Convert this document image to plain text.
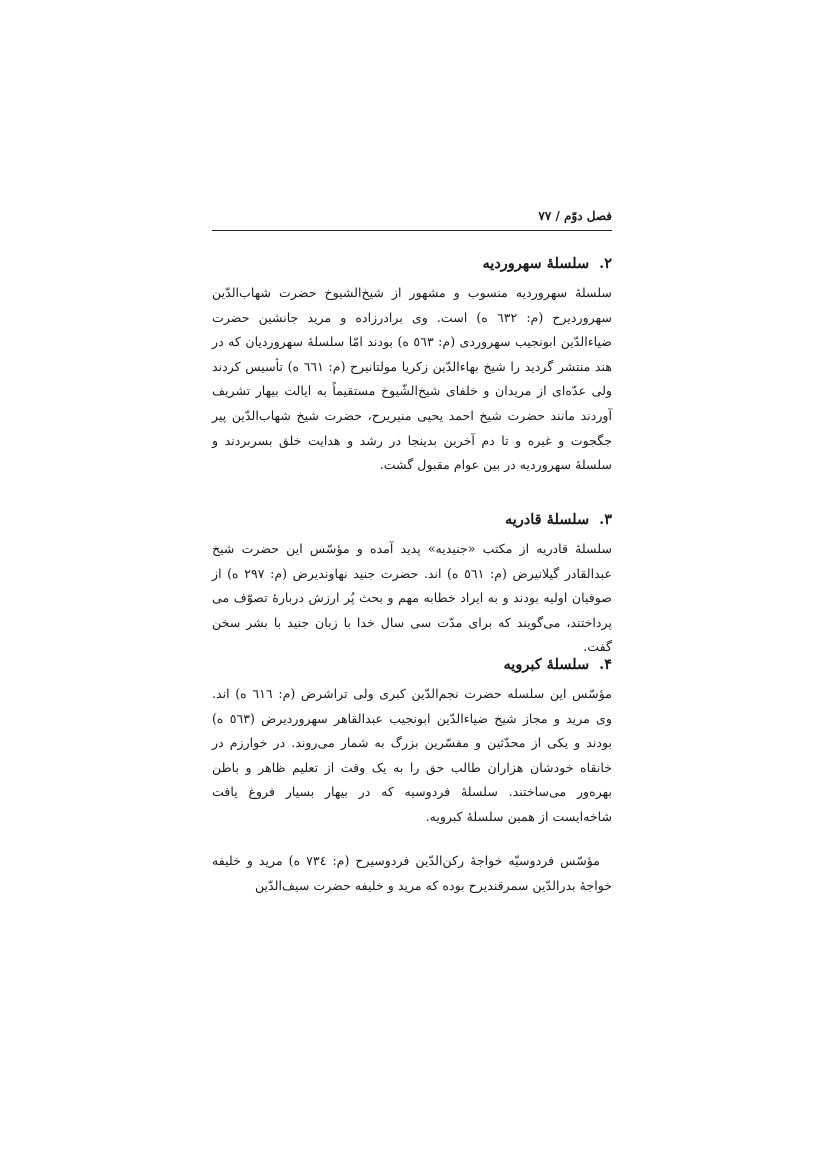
فصل دوّم / ۷۷
۲.سلسلهٔ سهروردیه
سلسلهٔ سهروردیه منسوب و مشهور از شیخ‌الشیوخ حضرت شهاب‌الدّین سهروردیرح (م: ٦٣٢ ه) است. وی برادرزاده و مرید جانشین حضرت ضیاءالدّین ابونجیب سهروردی (م: ٥٦٣ ه) بودند امّا سلسلهٔ سهروردیان که در هند منتشر گردید را شیخ بهاءالدّین زکریا مولتانیرح (م: ٦٦١ ه) تأسیس کردند ولی عدّه‌ای از مریدان و خلفای شیخ‌الشّیوخ مستقیماً به ایالت بیهار تشریف آوردند مانند حضرت شیخ احمد یحیی منیریرح، حضرت شیخ شهاب‌الدّین پیر جگجوت و غیره و تا دم آخرین بدینجا در رشد و هدایت خلق بسربردند و سلسلهٔ سهروردیه در بین عوام مقبول گشت.
۳.سلسلهٔ قادریه
سلسلهٔ قادریه از مکتب «جنیدیه» پدید آمده و مؤسّس این حضرت شیخ عبدالقادر گیلانیرض (م: ٥٦١ ه) اند. حضرت جنید نهاوندیرض (م: ٢٩٧ ه) از صوفیان اولیه بودند و به ایراد خطابه مهم و بحث پُر ارزش دربارهٔ تصوّف می پرداختند، می‌گویند که برای مدّت سی سال خدا با زبان جنید با بشر سخن گفت.
۴.سلسلهٔ کبرویه
مؤسّس این سلسله حضرت نجم‌الدّین کبری ولی تراشرض (م: ٦١٦ ه) اند. وی مرید و مجاز شیخ ضیاءالدّین ابونجیب عبدالقاهر سهروردیرض (٥٦٣ ه) بودند و یکی از محدّثین و مفسّرین بزرگ به شمار می‌روند. در خوارزم در خانقاه خودشان هزاران طالب حق را به یک وقت از تعلیم ظاهر و باطن بهره‌ور می‌ساختند. سلسلهٔ فردوسیه که در بیهار بسیار فروغ یافت شاخه‌ایست از همین سلسلهٔ کبرویه.
مؤسّس فردوسیّه خواجهٔ رکن‌الدّین فردوسیرح (م: ٧٣٤ ه) مرید و خلیفه خواجهٔ بدرالدّین سمرقندیرح بوده که مرید و خلیفه حضرت سیف‌الدّین
